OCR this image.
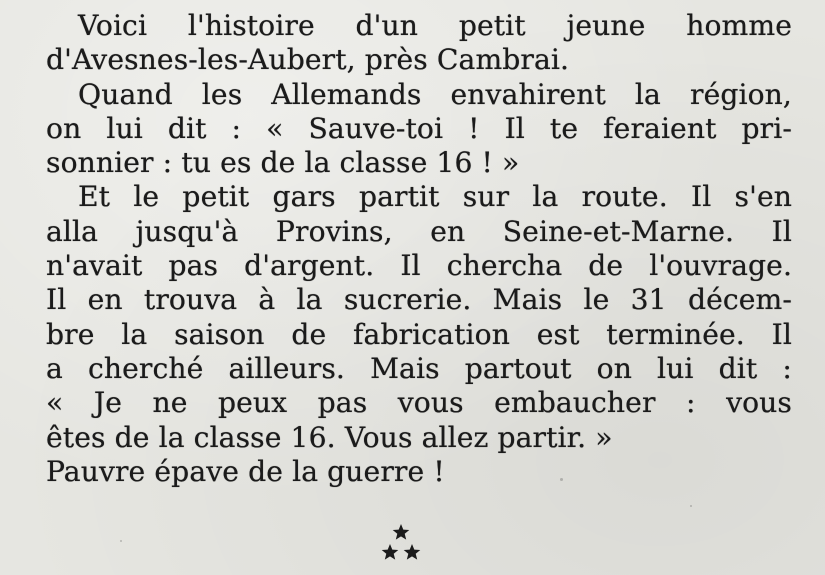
Voici l'histoire d'un petit jeune homme
d'Avesnes-les-Aubert, près Cambrai.

Quand les Allemands envahirent la région,
on lui dit : « Sauve-toi ! Il te feraient pri-
sonnier : tu es de la classe 16 ! »

Et le petit gars partit sur la route. Il s'en
alla jusqu'à Provins, en Seine-et-Marne. Il
n'avait pas d'argent. Il chercha de l'ouvrage.
Il en trouva à la sucrerie. Mais le 31 décem-
bre la saison de fabrication est terminée. Il
a cherché ailleurs. Mais partout on lui dit :
« Je ne peux pas vous embaucher : vous
êtes de la classe 16. Vous allez partir. »

Pauvre épave de la guerre !
